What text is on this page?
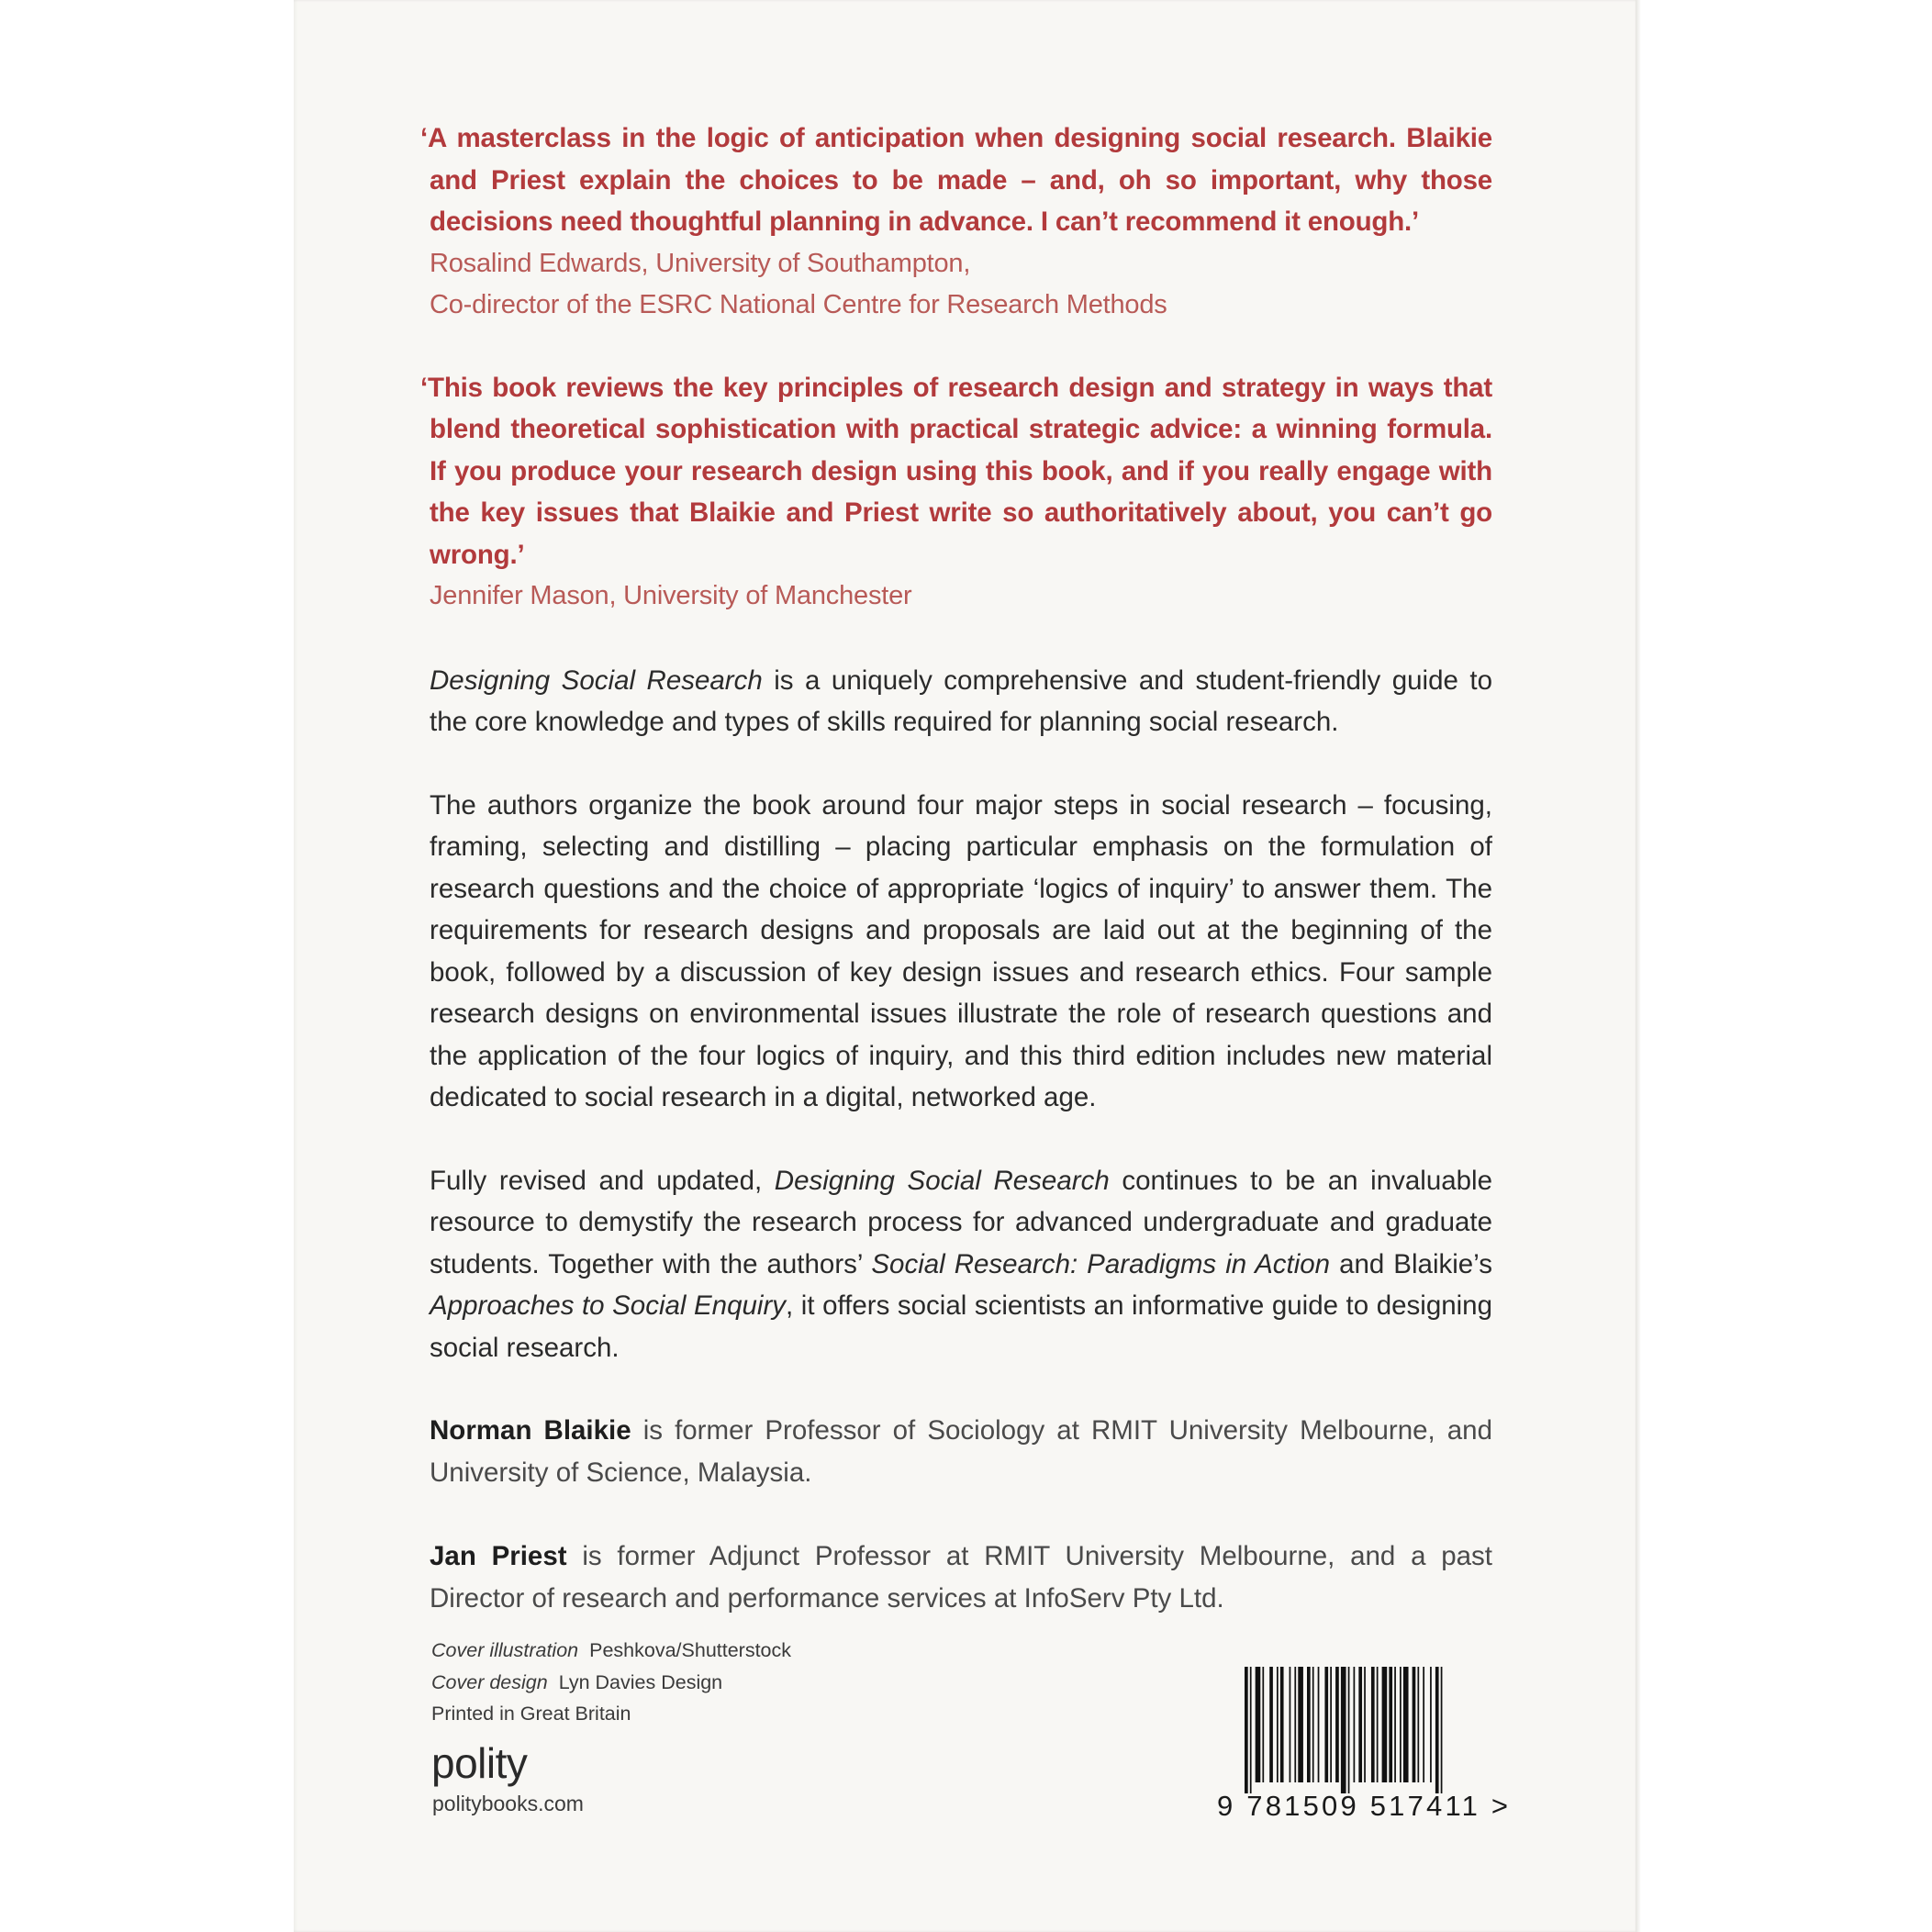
‘A masterclass in the logic of anticipation when designing social research. Blaikie and Priest explain the choices to be made – and, oh so important, why those decisions need thoughtful planning in advance. I can’t recommend it enough.’
Rosalind Edwards, University of Southampton,
Co-director of the ESRC National Centre for Research Methods
‘This book reviews the key principles of research design and strategy in ways that blend theoretical sophistication with practical strategic advice: a winning formula. If you produce your research design using this book, and if you really engage with the key issues that Blaikie and Priest write so authoritatively about, you can’t go wrong.’
Jennifer Mason, University of Manchester

Designing Social Research is a uniquely comprehensive and student-friendly guide to the core knowledge and types of skills required for planning social research.

The authors organize the book around four major steps in social research – focusing, framing, selecting and distilling – placing particular emphasis on the formulation of research questions and the choice of appropriate ‘logics of inquiry’ to answer them. The requirements for research designs and proposals are laid out at the beginning of the book, followed by a discussion of key design issues and research ethics. Four sample research designs on environmental issues illustrate the role of research questions and the application of the four logics of inquiry, and this third edition includes new material dedicated to social research in a digital, networked age.

Fully revised and updated, Designing Social Research continues to be an invaluable resource to demystify the research process for advanced undergraduate and graduate students. Together with the authors’ Social Research: Paradigms in Action and Blaikie’s Approaches to Social Enquiry, it offers social scientists an informative guide to designing social research.

Norman Blaikie is former Professor of Sociology at RMIT University Melbourne, and University of Science, Malaysia.

Jan Priest is former Adjunct Professor at RMIT University Melbourne, and a past Director of research and performance services at InfoServ Pty Ltd.

Cover illustration Peshkova/Shutterstock
Cover design Lyn Davies Design
Printed in Great Britain
polity
politybooks.com	9 781509 517411 >
